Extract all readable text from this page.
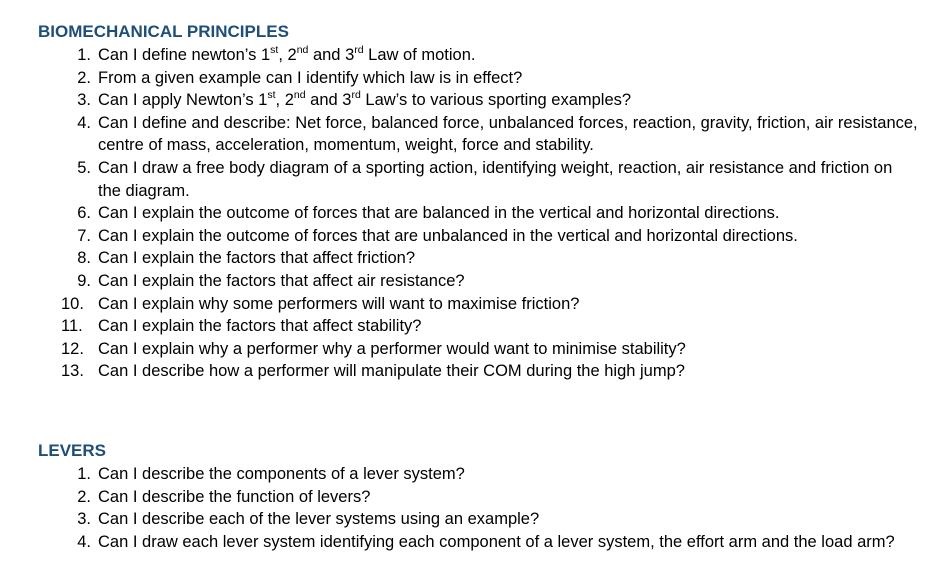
BIOMECHANICAL PRINCIPLES
1. Can I define newton’s 1st, 2nd and 3rd Law of motion.
2. From a given example can I identify which law is in effect?
3. Can I apply Newton’s 1st, 2nd and 3rd Law’s to various sporting examples?
4. Can I define and describe: Net force, balanced force, unbalanced forces, reaction, gravity, friction, air resistance, centre of mass, acceleration, momentum, weight, force and stability.
5. Can I draw a free body diagram of a sporting action, identifying weight, reaction, air resistance and friction on the diagram.
6. Can I explain the outcome of forces that are balanced in the vertical and horizontal directions.
7. Can I explain the outcome of forces that are unbalanced in the vertical and horizontal directions.
8. Can I explain the factors that affect friction?
9. Can I explain the factors that affect air resistance?
10. Can I explain why some performers will want to maximise friction?
11. Can I explain the factors that affect stability?
12. Can I explain why a performer why a performer would want to minimise stability?
13. Can I describe how a performer will manipulate their COM during the high jump?
LEVERS
1. Can I describe the components of a lever system?
2. Can I describe the function of levers?
3. Can I describe each of the lever systems using an example?
4. Can I draw each lever system identifying each component of a lever system, the effort arm and the load arm?
